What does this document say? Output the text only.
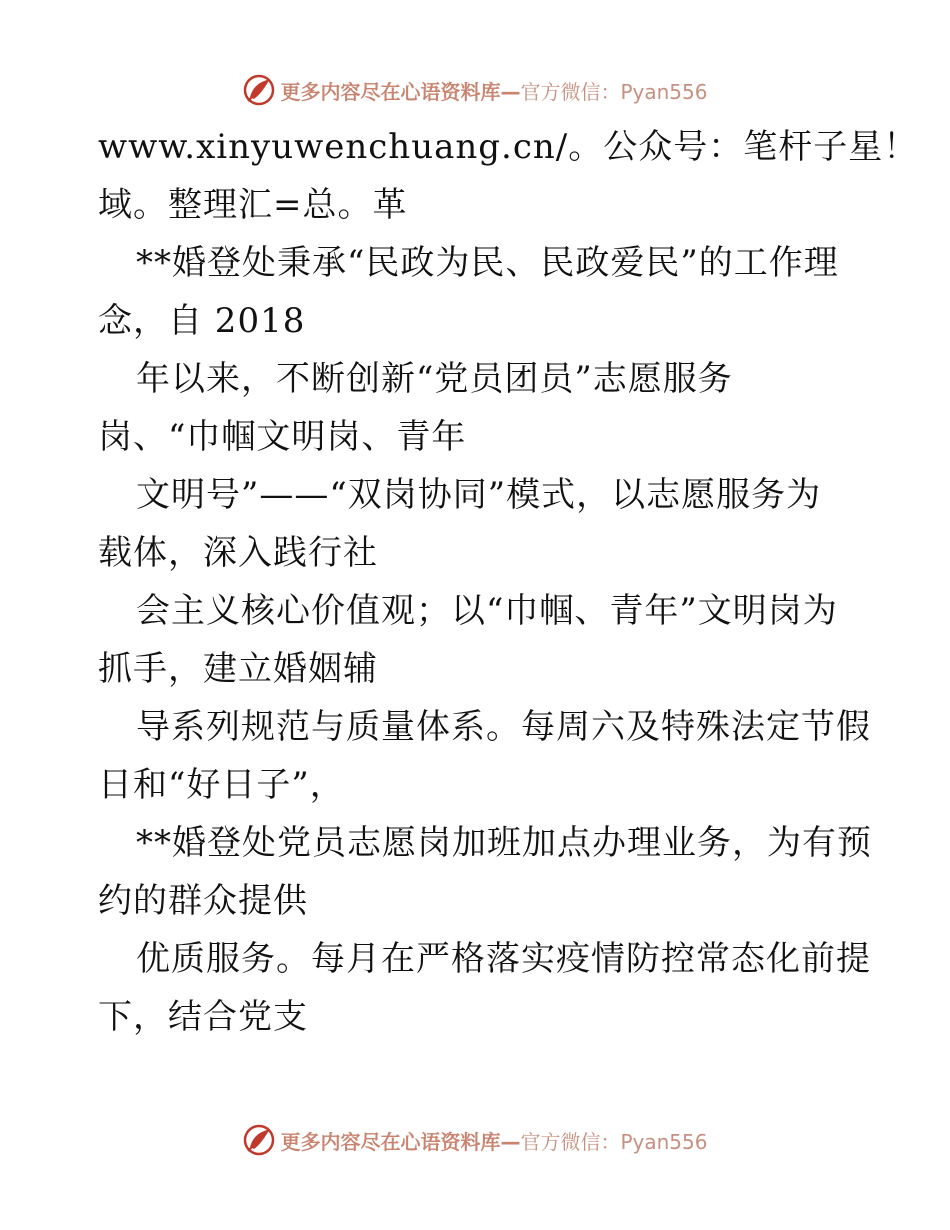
更多内容尽在心语资料库— 官方微信：Pyan556
www.xinyuwenchuang.cn/。公众号：笔杆子星！
域。整理汇=总。革
**婚登处秉承“民政为民、民政爱民”的工作理
念，自 2018
年以来，不断创新“党员团员”志愿服务
岗、“巾帼文明岗、青年
文明号”——“双岗协同”模式，以志愿服务为
载体，深入践行社
会主义核心价值观；以“巾帼、青年”文明岗为
抓手，建立婚姻辅
导系列规范与质量体系。每周六及特殊法定节假
日和“好日子”，
**婚登处党员志愿岗加班加点办理业务，为有预
约的群众提供
优质服务。每月在严格落实疫情防控常态化前提
下，结合党支
更多内容尽在心语资料库— 官方微信：Pyan556
